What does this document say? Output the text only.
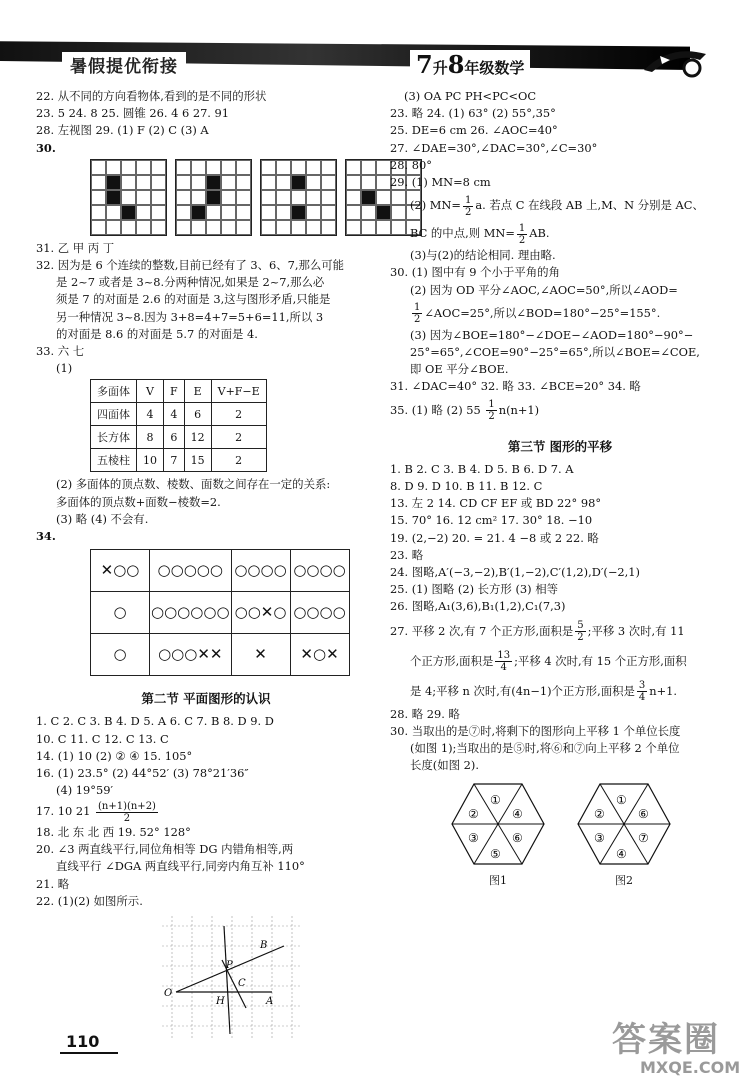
暑假提优衔接	7升8年级数学
22. 从不同的方向看物体,看到的是不同的形状
23. 5 24. 8 25. 圆锥 26. 4 6 27. 91
28. 左视图 29. (1) F (2) C (3) A
30.
31. 乙 甲 丙 丁
32. 因为是 6 个连续的整数,目前已经有了 3、6、7,那么可能
是 2~7 或者是 3~8.分两种情况,如果是 2~7,那么必
须是 7 的对面是 2.6 的对面是 3,这与图形矛盾,只能是
另一种情况 3~8.因为 3+8=4+7=5+6=11,所以 3
的对面是 8.6 的对面是 5.7 的对面是 4.
33. 六 七
(1)
多面体	V	F	E	V+F−E
四面体	4	4	6	2
长方体	8	6	12	2
五棱柱	10	7	15	2
(2) 多面体的顶点数、棱数、面数之间存在一定的关系:
多面体的顶点数+面数−棱数=2.
(3) 略 (4) 不会有.
34.
✕○○	○○○○○	○○○○	○○○○
○	○○○○○○	○○✕○	○○○○
○	○○○✕✕	✕	✕○✕
第二节 平面图形的认识
1. C 2. C 3. B 4. D 5. A 6. C 7. B 8. D 9. D
10. C 11. C 12. C 13. C
14. (1) 10 (2) ② ④ 15. 105°
16. (1) 23.5° (2) 44°52′ (3) 78°21′36″
(4) 19°59′
17. 10 $21 \frac{(n+1)(n+2)}{2}$
18. 北 东 北 西 19. 52° 128°
20. ∠3 两直线平行,同位角相等 DG 内错角相等,两
直线平行 ∠DGA 两直线平行,同旁内角互补 110°
21. 略
22. (1)(2) 如图所示.
B
P
O
H
C
A
(3) OA PC PH<PC<OC
23. 略 24. (1) 63° (2) 55°,35°
25. DE=6 cm 26. ∠AOC=40°
27. ∠DAE=30°,∠DAC=30°,∠C=30°
28. 80°
29. (1) MN=8 cm
(2) $MN= \frac{1}{2} a$. 若点 C 在线段 AB 上,M、N 分别是 AC、
BC 的中点,则 $MN= \frac{1}{2}$ AB.
(3)与(2)的结论相同. 理由略.
30. (1) 图中有 9 个小于平角的角
(2) 因为 OD 平分∠AOC,∠AOC=50°,所以∠AOD=
$\frac{1}{2}$ ∠AOC=25°,所以∠BOD=180°−25°=155°.
(3) 因为∠BOE=180°−∠DOE−∠AOD=180°−90°−
25°=65°,∠COE=90°−25°=65°,所以∠BOE=∠COE,
即 OE 平分∠BOE.
31. ∠DAC=40° 32. 略 33. ∠BCE=20° 34. 略
35. (1) 略 (2) $55 \frac{1}{2} n(n+1)$
第三节 图形的平移
1. B 2. C 3. B 4. D 5. B 6. D 7. A
8. D 9. D 10. B 11. B 12. C
13. 左 2 14. CD CF EF 或 BD 22° 98°
15. 70° 16. 12 cm² 17. 30° 18. −10
19. (2,−2) 20. = 21. 4 −8 或 2 22. 略
23. 略
24. 图略,A′(−3,−2),B′(1,−2),C′(1,2),D′(−2,1)
25. (1) 图略 (2) 长方形 (3) 相等
26. 图略,A₁(3,6),B₁(1,2),C₁(7,3)
27. 平移 2 次,有 7 个正方形,面积是 $\frac{5}{2}$ ;平移 3 次时,有 11
个正方形,面积是 $\frac{13}{4}$ ;平移 4 次时,有 15 个正方形,面积
是 4;平移 n 次时,有(4n−1)个正方形,面积是 $\frac{3}{4} n+1$.
28. 略 29. 略
30. 当取出的是⑦时,将剩下的图形向上平移 1 个单位长度
(如图 1);当取出的是⑤时,将⑥和⑦向上平移 2 个单位
长度(如图 2).
①
④
②
⑥
③
⑤
图1
①
⑥
②
⑦
③
④
图2
110	答案圈
MXQE.COM
